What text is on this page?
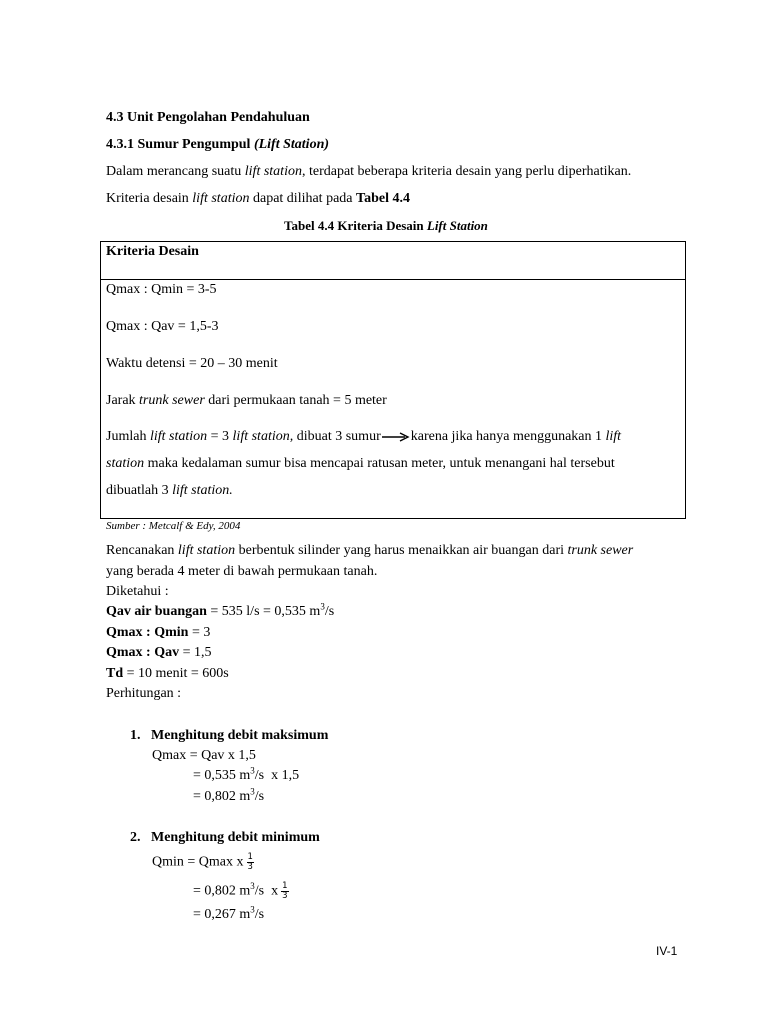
4.3 Unit Pengolahan Pendahuluan
4.3.1 Sumur Pengumpul (Lift Station)
Dalam merancang suatu lift station, terdapat beberapa kriteria desain yang perlu diperhatikan.
Kriteria desain lift station dapat dilihat pada Tabel 4.4
Tabel 4.4 Kriteria Desain Lift Station
Kriteria Desain
Qmax : Qmin = 3-5
Qmax : Qav = 1,5-3
Waktu detensi = 20 – 30 menit
Jarak trunk sewer dari permukaan tanah = 5 meter
Jumlah lift station = 3 lift station, dibuat 3 sumur karena jika hanya menggunakan 1 lift
station maka kedalaman sumur bisa mencapai ratusan meter, untuk menangani hal tersebut
dibuatlah 3 lift station.
Sumber : Metcalf & Edy, 2004
Rencanakan lift station berbentuk silinder yang harus menaikkan air buangan dari trunk sewer
yang berada 4 meter di bawah permukaan tanah.
Diketahui :
Qav air buangan = 535 l/s = 0,535 $m^3/s$
Qmax : Qmin = 3
Qmax : Qav = 1,5
Td = 10 menit = 600s
Perhitungan :
1.   Menghitung debit maksimum
Qmax = Qav x 1,5
= 0,535 $m^3/s$  x 1,5
= 0,802 $m^3/s$
2.   Menghitung debit minimum
Qmin = Qmax x $\frac{1}{3}$
= 0,802 $m^3/s$  x $\frac{1}{3}$
= 0,267 $m^3/s$
IV-1
